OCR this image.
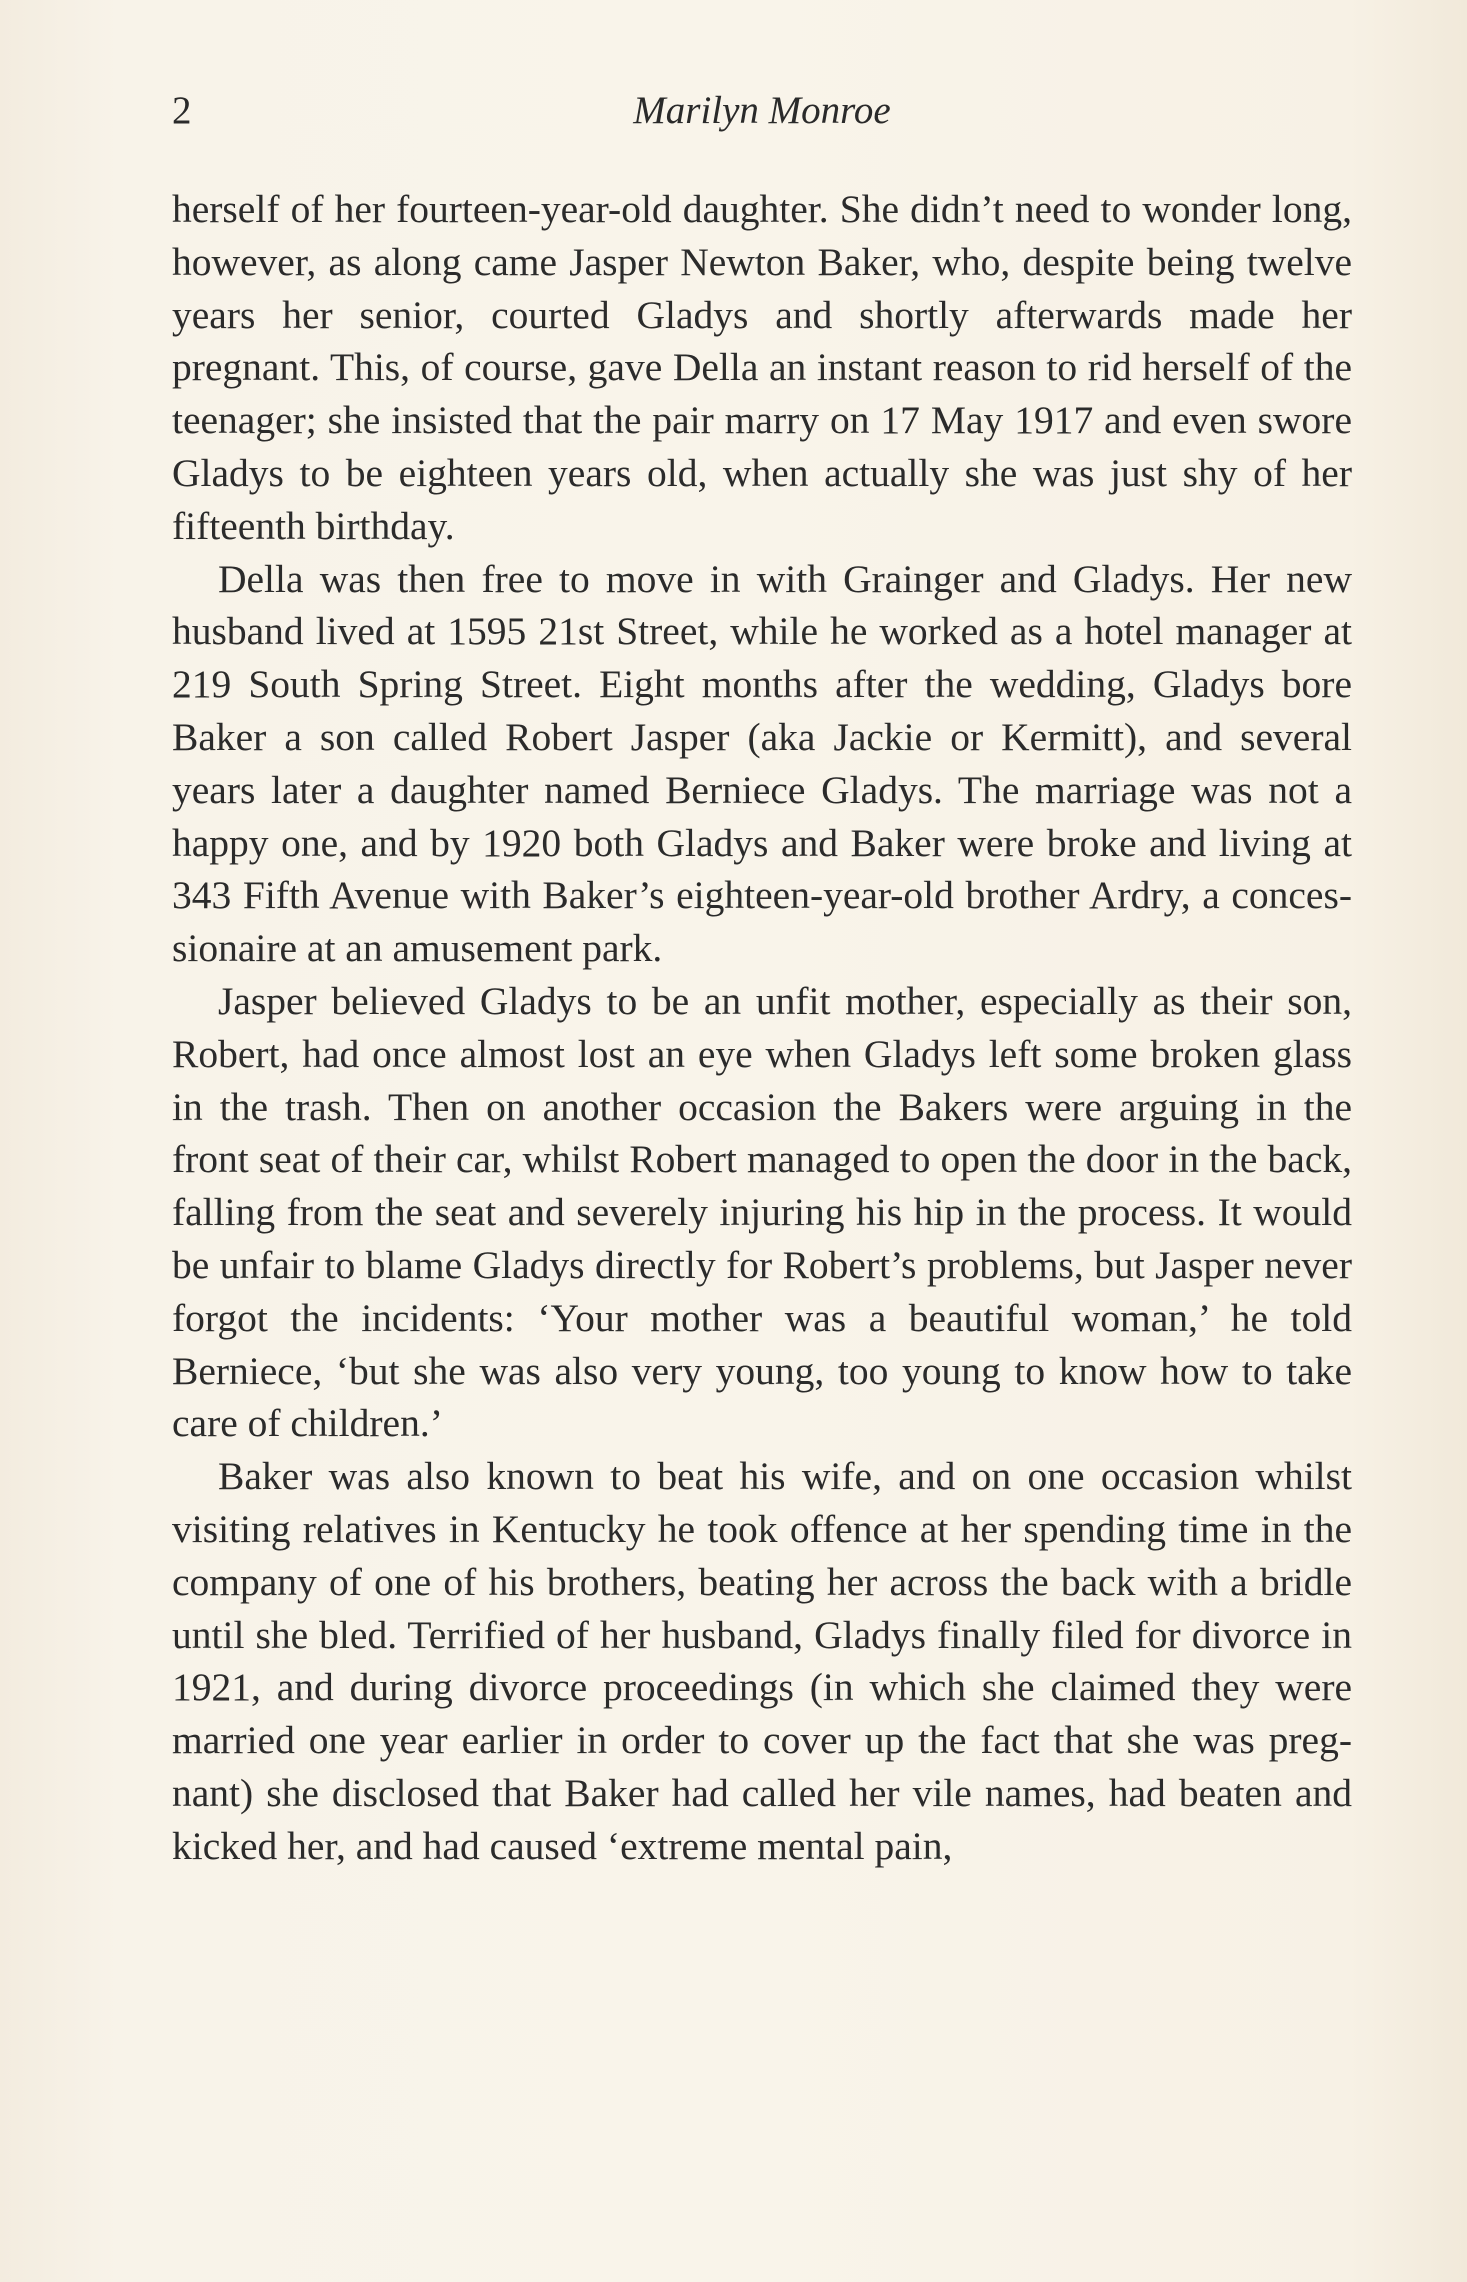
2	Marilyn Monroe

herself of her fourteen-year-old daughter. She didn’t need to wonder long, however, as along came Jasper Newton Baker, who, despite being twelve years her senior, courted Gladys and shortly afterwards made her pregnant. This, of course, gave Della an instant reason to rid herself of the teenager; she insisted that the pair marry on 17 May 1917 and even swore Gladys to be eighteen years old, when actually she was just shy of her fifteenth birthday.

Della was then free to move in with Grainger and Gladys. Her new husband lived at 1595 21st Street, while he worked as a hotel manager at 219 South Spring Street. Eight months after the wedding, Gladys bore Baker a son called Robert Jasper (aka Jackie or Kermitt), and several years later a daughter named Berniece Gladys. The marriage was not a happy one, and by 1920 both Gladys and Baker were broke and living at 343 Fifth Avenue with Baker’s eighteen-year-old brother Ardry, a concessionaire at an amusement park.

Jasper believed Gladys to be an unfit mother, especially as their son, Robert, had once almost lost an eye when Gladys left some broken glass in the trash. Then on another occasion the Bakers were arguing in the front seat of their car, whilst Robert managed to open the door in the back, falling from the seat and severely injuring his hip in the process. It would be unfair to blame Gladys directly for Robert’s problems, but Jasper never forgot the incidents: ‘Your mother was a beautiful woman,’ he told Berniece, ‘but she was also very young, too young to know how to take care of children.’

Baker was also known to beat his wife, and on one occasion whilst visiting relatives in Kentucky he took offence at her spending time in the company of one of his brothers, beating her across the back with a bridle until she bled. Terrified of her husband, Gladys finally filed for divorce in 1921, and during divorce proceedings (in which she claimed they were married one year earlier in order to cover up the fact that she was pregnant) she disclosed that Baker had called her vile names, had beaten and kicked her, and had caused ‘extreme mental pain,
